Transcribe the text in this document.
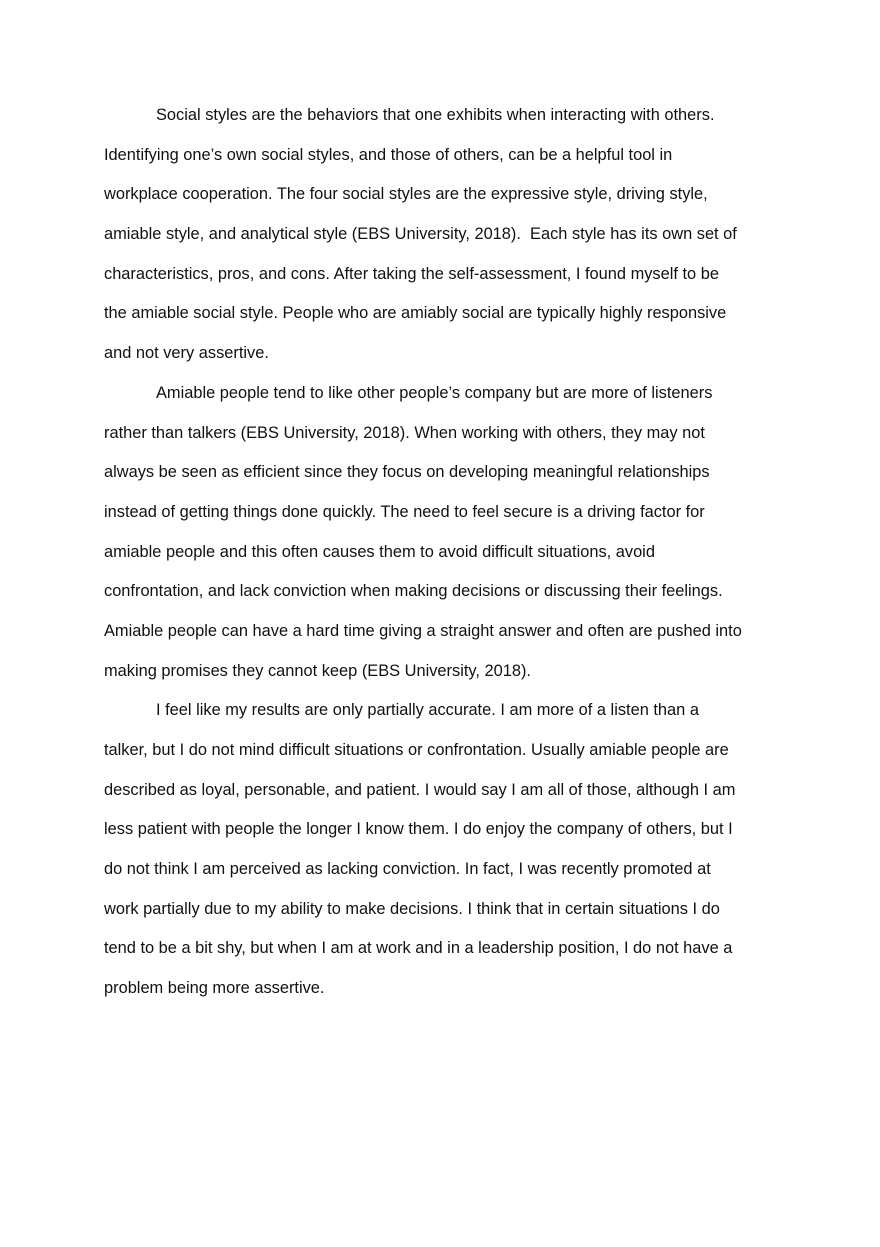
Social styles are the behaviors that one exhibits when interacting with others.
Identifying one’s own social styles, and those of others, can be a helpful tool in
workplace cooperation. The four social styles are the expressive style, driving style,
amiable style, and analytical style (EBS University, 2018).  Each style has its own set of
characteristics, pros, and cons. After taking the self-assessment, I found myself to be
the amiable social style. People who are amiably social are typically highly responsive
and not very assertive.

Amiable people tend to like other people’s company but are more of listeners
rather than talkers (EBS University, 2018). When working with others, they may not
always be seen as efficient since they focus on developing meaningful relationships
instead of getting things done quickly. The need to feel secure is a driving factor for
amiable people and this often causes them to avoid difficult situations, avoid
confrontation, and lack conviction when making decisions or discussing their feelings.
Amiable people can have a hard time giving a straight answer and often are pushed into
making promises they cannot keep (EBS University, 2018).

I feel like my results are only partially accurate. I am more of a listen than a
talker, but I do not mind difficult situations or confrontation. Usually amiable people are
described as loyal, personable, and patient. I would say I am all of those, although I am
less patient with people the longer I know them. I do enjoy the company of others, but I
do not think I am perceived as lacking conviction. In fact, I was recently promoted at
work partially due to my ability to make decisions. I think that in certain situations I do
tend to be a bit shy, but when I am at work and in a leadership position, I do not have a
problem being more assertive.
